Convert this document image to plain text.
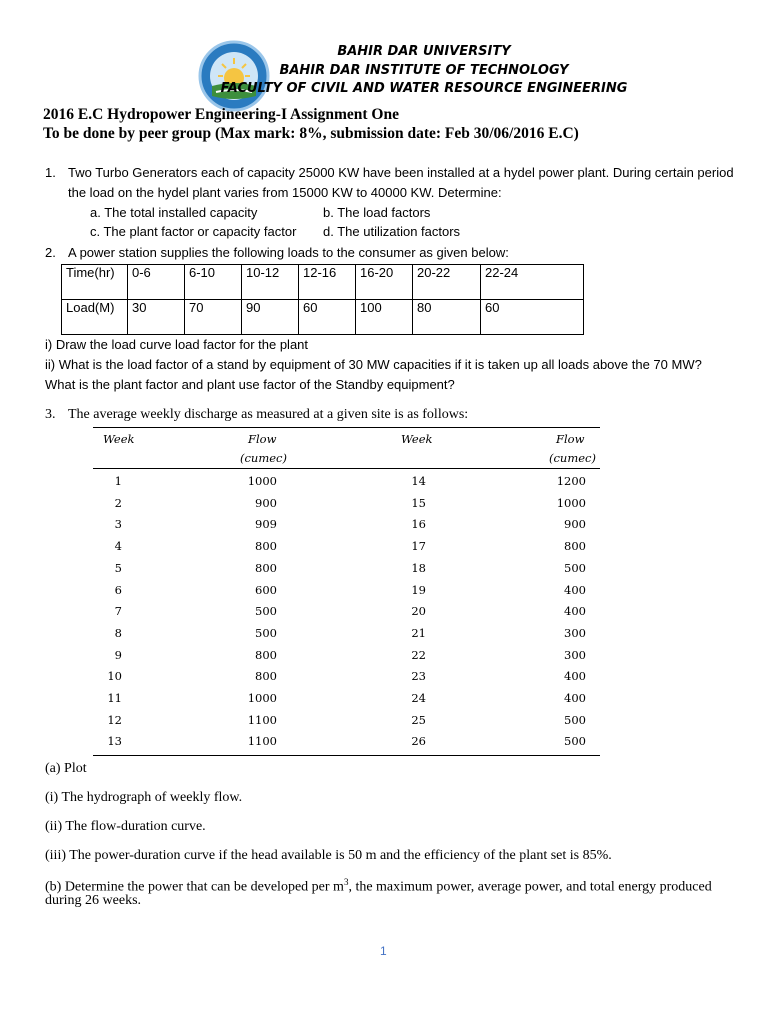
BAHIR DAR UNIVERSITY
BAHIR DAR INSTITUTE OF TECHNOLOGY
FACULTY OF CIVIL AND WATER RESOURCE ENGINEERING
2016 E.C Hydropower Engineering-I Assignment One
To be done by peer group (Max mark: 8%, submission date: Feb 30/06/2016 E.C)
1. Two Turbo Generators each of capacity 25000 KW have been installed at a hydel power plant. During certain period
the load on the hydel plant varies from 15000 KW to 40000 KW. Determine:
a. The total installed capacity	b. The load factors
c. The plant factor or capacity factor d. The utilization factors
2. A power station supplies the following loads to the consumer as given below:
Time(hr)	0-6	6-10	10-12	12-16	16-20	20-22	22-24
Load(M)	30	70	90	60	100	80	60
i) Draw the load curve load factor for the plant
ii) What is the load factor of a stand by equipment of 30 MW capacities if it is taken up all loads above the 70 MW?
What is the plant factor and plant use factor of the Standby equipment?
3. The average weekly discharge as measured at a given site is as follows:
Week	Flow
(cumec)
Week	Flow
(cumec)
1	1000	14	1200
2	900	15	1000
3	909	16	900
4	800	17	800
5	800	18	500
6	600	19	400
7	500	20	400
8	500	21	300
9	800	22	300
10	800	23	400
11	1000	24	400
12	1100	25	500
13	1100	26	500
(a) Plot
(i) The hydrograph of weekly flow.
(ii) The flow-duration curve.
(iii) The power-duration curve if the head available is 50 m and the efficiency of the plant set is 85%.
(b) Determine the power that can be developed per $m^3$, the maximum power, average power, and total energy produced
during 26 weeks.
1
